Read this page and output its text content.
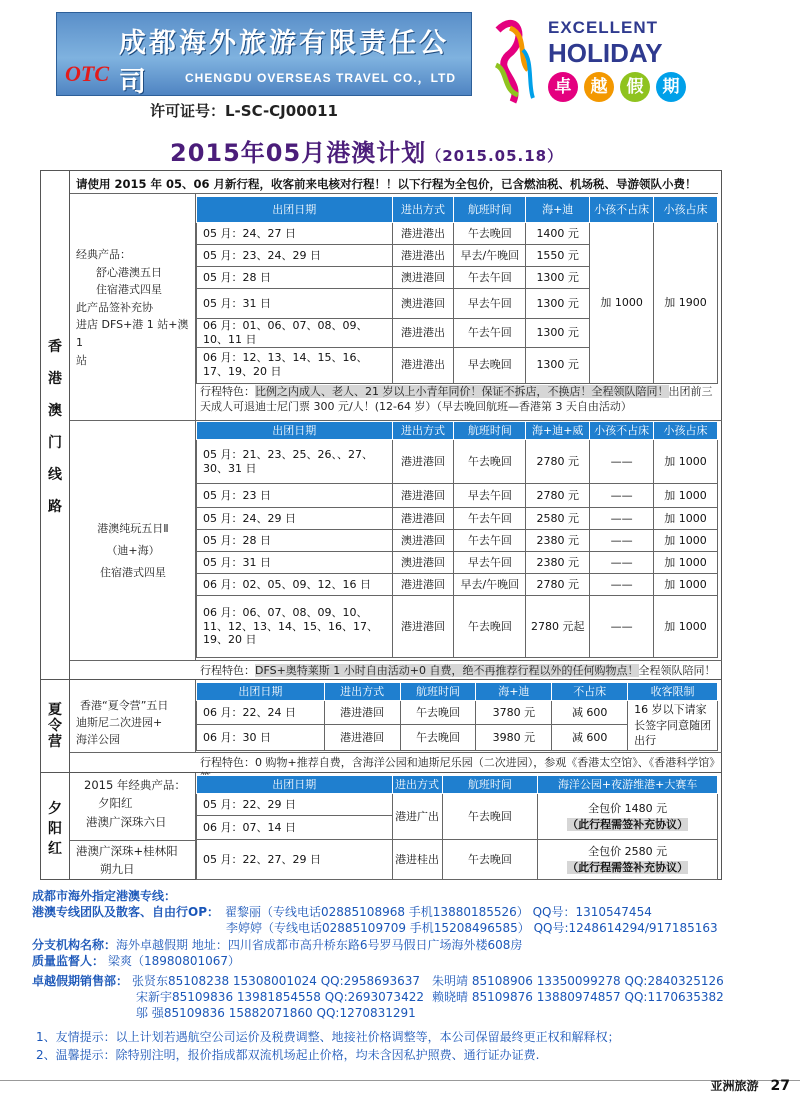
成都海外旅游有限责任公司	CHENGDU OVERSEAS TRAVEL CO.，LTD
OTC
许可证号：L-SC-CJ00011
EXCELLENT
HOLIDAY
卓	越	假	期
2015年05月港澳计划（2015.05.18）
香
港
澳
门
线
路
夏
令
营
夕
阳
红
请使用 2015 年 05、06 月新行程，收客前来电核对行程！！以下行程为全包价，已含燃油税、机场税、导游领队小费！
经典产品：
舒心港澳五日
住宿港式四星
此产品签补充协
进店 DFS+港 1 站+澳 1
站
出团日期	进出方式	航班时间	海+迪	小孩不占床	小孩占床
05 月：24、27 日	港进港出	午去晚回	1400 元	加 1000	加 1900
05 月：23、24、29 日	港进港出	早去/午晚回	1550 元		
05 月：28 日	澳进港回	午去午回	1300 元		
05 月：31 日	澳进港回	早去午回	1300 元		
06 月：01、06、07、08、09、10、11 日	港进港出	午去午回	1300 元		
06 月：12、13、14、15、16、17、19、20 日	港进港出	早去晚回	1300 元		
行程特色：比例之内成人、老人、21 岁以上小青年同价！保证不拆店，不换店！全程领队陪同！出团前三天成人可退迪士尼门票 300 元/人！(12-64 岁）（早去晚回航班—香港第 3 天自由活动）
港澳纯玩五日Ⅱ
（迪+海）
住宿港式四星
出团日期	进出方式	航班时间	海+迪+威	小孩不占床	小孩占床
05 月：21、23、25、26、、27、30、31 日	港进港回	午去晚回	2780 元	——	加 1000
05 月：23 日	港进港回	早去午回	2780 元	——	加 1000
05 月：24、29 日	港进港回	午去午回	2580 元	——	加 1000
05 月：28 日	澳进港回	午去午回	2380 元	——	加 1000
05 月：31 日	澳进港回	早去午回	2380 元	——	加 1000
06 月：02、05、09、12、16 日	港进港回	早去/午晚回	2780 元	——	加 1000
06 月：06、07、08、09、10、11、12、13、14、15、16、17、19、20 日	港进港回	午去晚回	2780 元起	——	加 1000
行程特色：DFS+奥特莱斯 1 小时自由活动+0 自费，绝不再推荐行程以外的任何购物点！全程领队陪同！
香港“夏令营”五日
迪斯尼二次进园+
海洋公园
出团日期	进出方式	航班时间	海+迪	不占床	收客限制
06 月：22、24 日	港进港回	午去晚回	3780 元	减 600	16 岁以下请家长签字同意随团出行
06 月：30 日	港进港回	午去晚回	3980 元	减 600	
行程特色：0 购物+推荐自费，含海洋公园和迪斯尼乐园（二次进园），参观《香港太空馆》、《香港科学馆》
2015 年经典产品：
夕阳红
港澳广深珠六日
港澳广深珠+桂林阳
朔九日
出团日期	进出方式	航班时间	海洋公园+夜游维港+大赛车
05 月：22、29 日	港进广出	午去晚回	全包价 1480 元
（此行程需签补充协议）
06 月：07、14 日			
05 月：22、27、29 日	港进桂出	午去晚回	全包价 2580 元
（此行程需签补充协议）
成都市海外指定港澳专线：
港澳专线团队及散客、自由行OP： 翟黎丽（专线电话02885108968 手机13880185526） QQ号：1310547454
李婷婷（专线电话02885109709 手机15208496585） QQ号:1248614294/917185163
分支机构名称：海外卓越假期 地址：四川省成都市高升桥东路6号罗马假日广场海外楼608房
质量监督人： 梁爽（18980801067）
卓越假期销售部： 张贤东85108238 15308001024 QQ:2958693637
宋新宇85109836 13981854558 QQ:2693073422
邬 强85109836 15882071860 QQ:1270831291
朱明靖 85108906 13350099278 QQ:2840325126
赖晓晴 85109876 13880974857 QQ:1170635382
1、友情提示：以上计划若遇航空公司运价及税费调整、地接社价格调整等，本公司保留最终更正权和解释权；
2、温馨提示：除特别注明，报价指成都双流机场起止价格，均未含因私护照费、通行证办证费.
亚洲旅游 27
